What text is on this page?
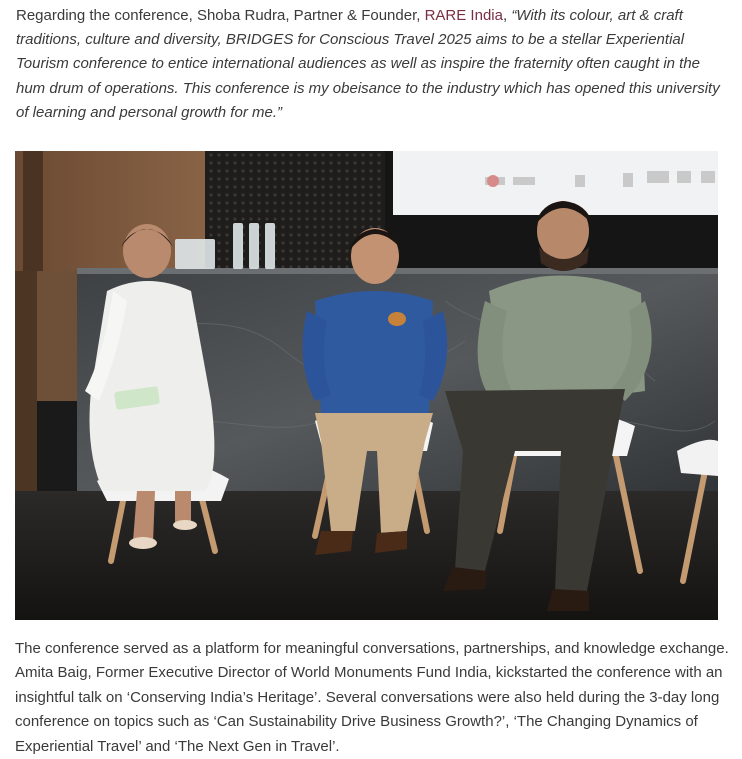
Regarding the conference, Shoba Rudra, Partner & Founder, RARE India, “With its colour, art & craft traditions, culture and diversity, BRIDGES for Conscious Travel 2025 aims to be a stellar Experiential Tourism conference to entice international audiences as well as inspire the fraternity often caught in the hum drum of operations. This conference is my obeisance to the industry which has opened this university of learning and personal growth for me.”

The conference served as a platform for meaningful conversations, partnerships, and knowledge exchange. Amita Baig, Former Executive Director of World Monuments Fund India, kickstarted the conference with an insightful talk on ‘Conserving India’s Heritage’. Several conversations were also held during the 3-day long conference on topics such as ‘Can Sustainability Drive Business Growth?’, ‘The Changing Dynamics of Experiential Travel’ and ‘The Next Gen in Travel’.
